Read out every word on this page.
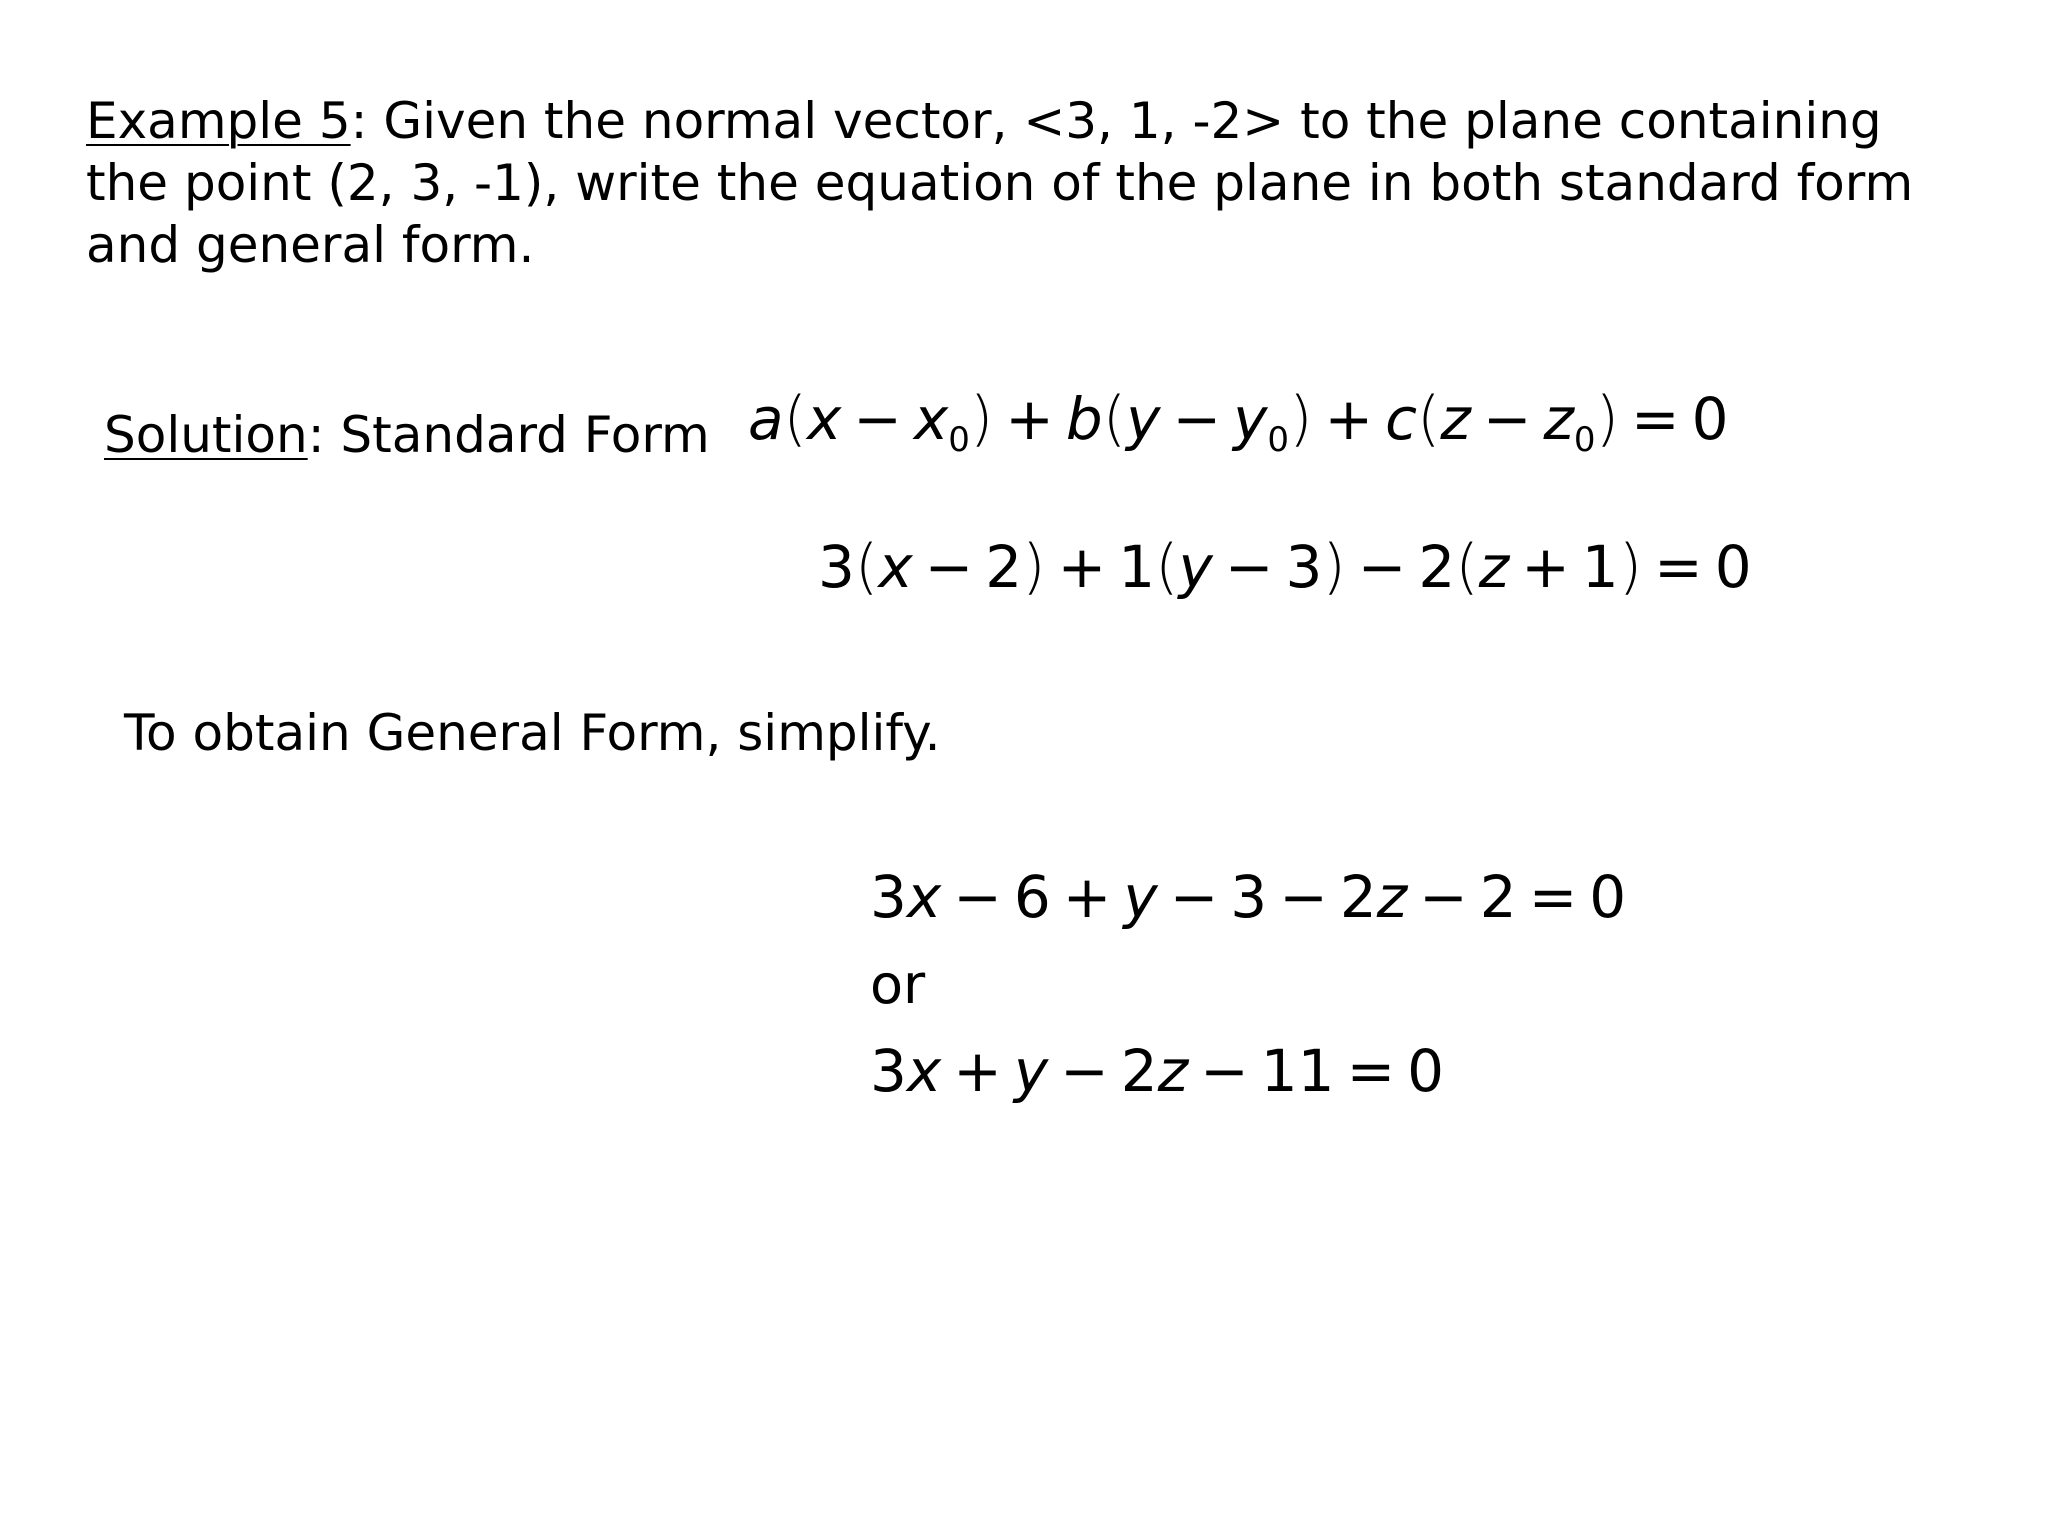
Example 5: Given the normal vector, <3, 1, -2> to the plane containing the point (2, 3, -1), write the equation of the plane in both standard form and general form.
Solution: Standard Form $a(x - x_0) + b(y - y_0) + c(z - z_0) = 0$
3(x − 2) + 1(y − 3) − 2(z + 1) = 0
To obtain General Form, simplify.
3x − 6 + y − 3 − 2z − 2 = 0
or
3x + y − 2z − 11 = 0
